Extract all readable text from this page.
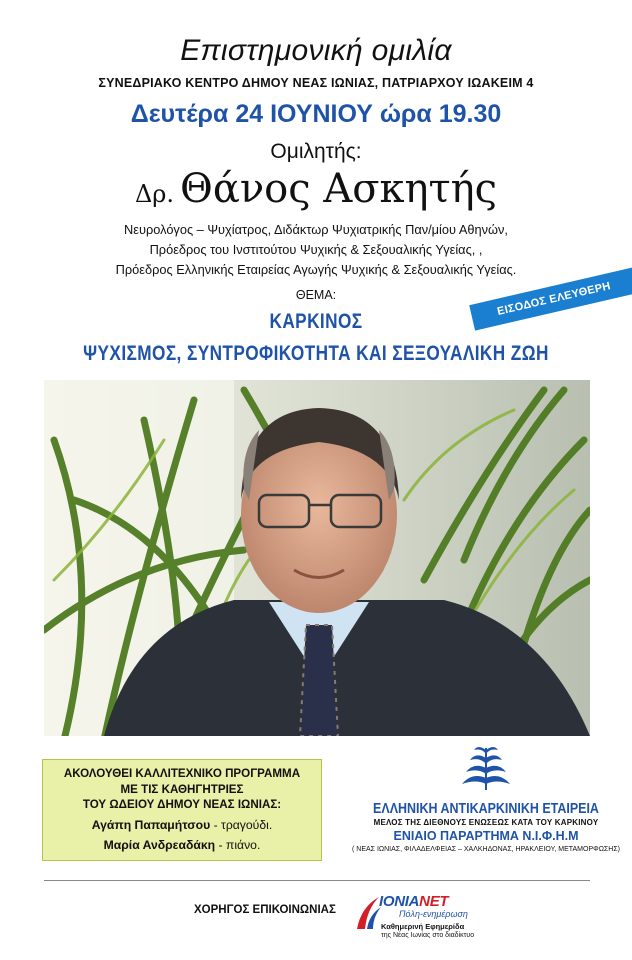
Επιστημονική ομιλία
ΣΥΝΕΔΡΙΑΚΟ ΚΕΝΤΡΟ ΔΗΜΟΥ ΝΕΑΣ ΙΩΝΙΑΣ, ΠΑΤΡΙΑΡΧΟΥ ΙΩΑΚΕΙΜ 4
Δευτέρα 24 ΙΟΥΝΙΟΥ ώρα 19.30
Ομιλητής:
Δρ. Θάνος Ασκητής
Νευρολόγος – Ψυχίατρος, Διδάκτωρ Ψυχιατρικής Παν/μίου Αθηνών,
Πρόεδρος του Ινστιτούτου Ψυχικής & Σεξουαλικής Υγείας, ,
Πρόεδρος Ελληνικής Εταιρείας Αγωγής Ψυχικής & Σεξουαλικής Υγείας.
ΘΕΜΑ:
ΚΑΡΚΙΝΟΣ
ΨΥΧΙΣΜΟΣ, ΣΥΝΤΡΟΦΙΚΟΤΗΤΑ ΚΑΙ ΣΕΞΟΥΑΛΙΚΗ ΖΩΗ
ΕΙΣΟΔΟΣ ΕΛΕΥΘΕΡΗ
ΑΚΟΛΟΥΘΕΙ ΚΑΛΛΙΤΕΧΝΙΚΟ ΠΡΟΓΡΑΜΜΑ
ΜΕ ΤΙΣ ΚΑΘΗΓΗΤΡΙΕΣ
ΤΟΥ ΩΔΕΙΟΥ ΔΗΜΟΥ ΝΕΑΣ ΙΩΝΙΑΣ:
Αγάπη Παπαμήτσου - τραγούδι.
Μαρία Ανδρεαδάκη - πιάνο.
ΕΛΛΗΝΙΚΗ ΑΝΤΙΚΑΡΚΙΝΙΚΗ ΕΤΑΙΡΕΙΑ
ΜΕΛΟΣ ΤΗΣ ΔΙΕΘΝΟΥΣ ΕΝΩΣΕΩΣ ΚΑΤΑ ΤΟΥ ΚΑΡΚΙΝΟΥ
ΕΝΙΑΙΟ ΠΑΡΑΡΤΗΜΑ Ν.Ι.Φ.Η.Μ
( ΝΕΑΣ ΙΩΝΙΑΣ, ΦΙΛΑΔΕΛΦΕΙΑΣ – ΧΑΛΚΗΔΟΝΑΣ, ΗΡΑΚΛΕΙΟΥ, ΜΕΤΑΜΟΡΦΩΣΗΣ)
ΧΟΡΗΓΟΣ ΕΠΙΚΟΙΝΩΝΙΑΣ	ΙΟΝΙΑΝΕΤ
Πόλη-ενημέρωση
Καθημερινή Εφημερίδα
της Νέας Ιωνίας στο διαδίκτυο
